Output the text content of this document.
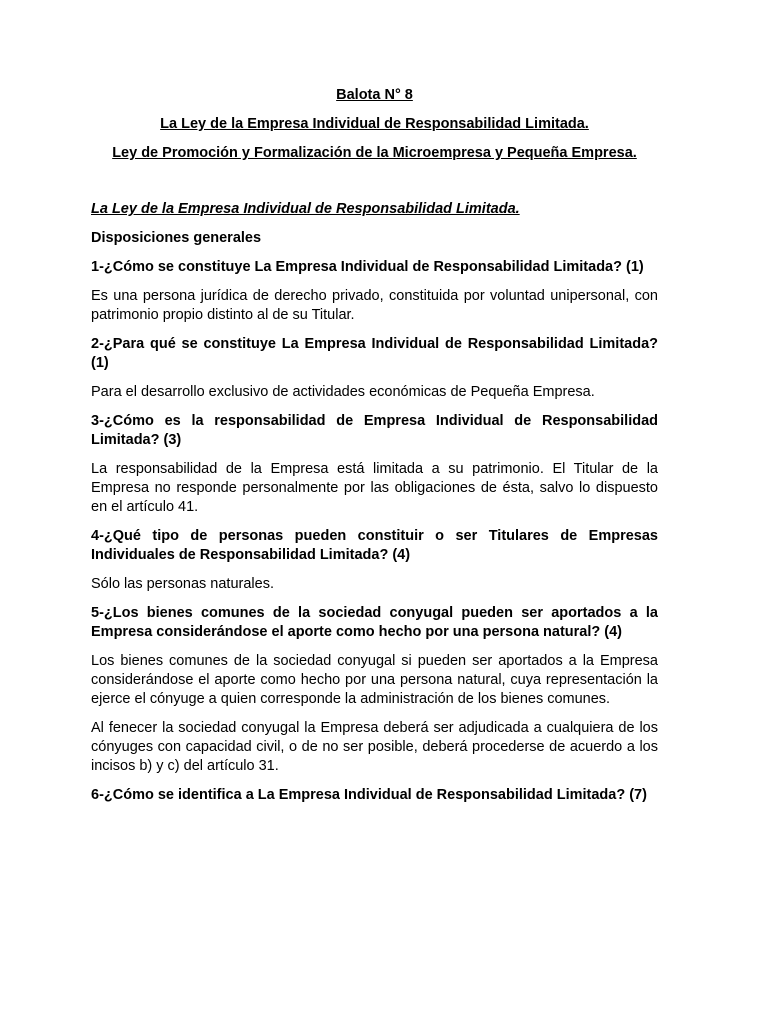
Balota N° 8

La Ley de la Empresa Individual de Responsabilidad Limitada.

Ley de Promoción y Formalización de la Microempresa y Pequeña Empresa.

La Ley de la Empresa Individual de Responsabilidad Limitada.

Disposiciones generales

1-¿Cómo se constituye La Empresa Individual de Responsabilidad Limitada? (1)

Es una persona jurídica de derecho privado, constituida por voluntad unipersonal, con patrimonio propio distinto al de su Titular.

2-¿Para qué se constituye La Empresa Individual de Responsabilidad Limitada? (1)

Para el desarrollo exclusivo de actividades económicas de Pequeña Empresa.

3-¿Cómo es la responsabilidad de Empresa Individual de Responsabilidad Limitada? (3)

La responsabilidad de la Empresa está limitada a su patrimonio. El Titular de la Empresa no responde personalmente por las obligaciones de ésta, salvo lo dispuesto en el artículo 41.

4-¿Qué tipo de personas pueden constituir o ser Titulares de Empresas Individuales de Responsabilidad Limitada? (4)

Sólo las personas naturales.

5-¿Los bienes comunes de la sociedad conyugal pueden ser aportados a la Empresa considerándose el aporte como hecho por una persona natural? (4)

Los bienes comunes de la sociedad conyugal si pueden ser aportados a la Empresa considerándose el aporte como hecho por una persona natural, cuya representación la ejerce el cónyuge a quien corresponde la administración de los bienes comunes.

Al fenecer la sociedad conyugal la Empresa deberá ser adjudicada a cualquiera de los cónyuges con capacidad civil, o de no ser posible, deberá procederse de acuerdo a los incisos b) y c) del artículo 31.

6-¿Cómo se identifica a La Empresa Individual de Responsabilidad Limitada? (7)
